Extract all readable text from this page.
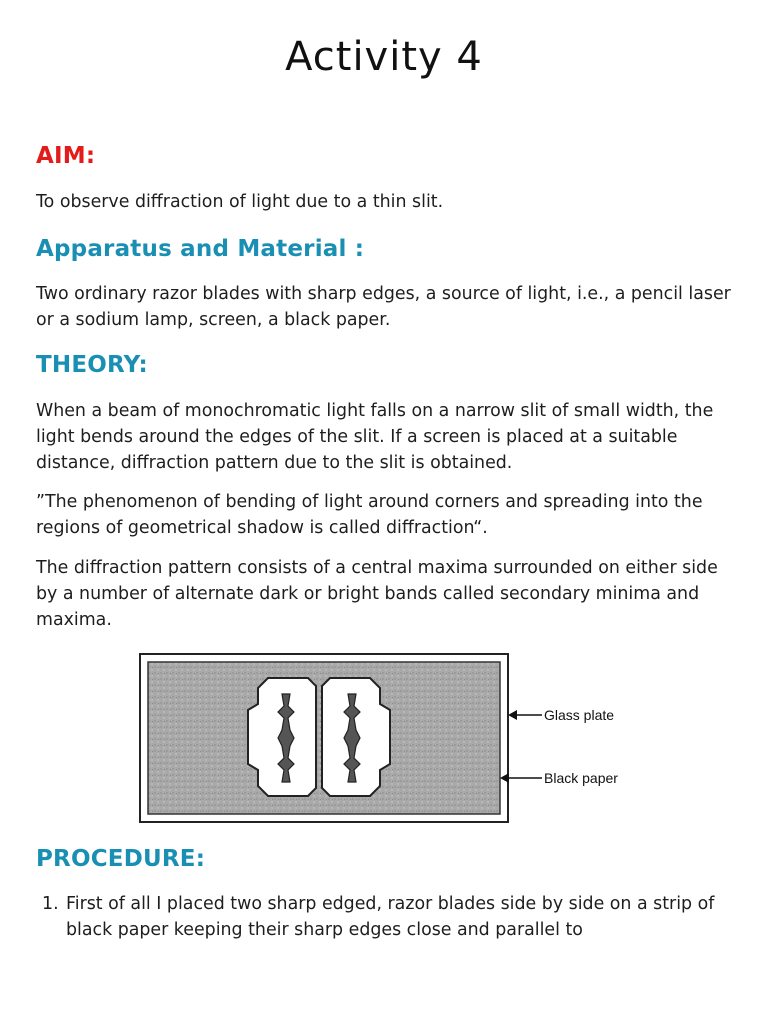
Activity 4
AIM:
To observe diffraction of light due to a thin slit.
Apparatus and Material :
Two ordinary razor blades with sharp edges, a source of light, i.e., a pencil laser or a sodium lamp, screen, a black paper.
THEORY:
When a beam of monochromatic light falls on a narrow slit of small width, the light bends around the edges of the slit. If a screen is placed at a suitable distance, diffraction pattern due to the slit is obtained.
”The phenomenon of bending of light around corners and spreading into the regions of geometrical shadow is called diffraction“.
The diffraction pattern consists of a central maxima surrounded on either side by a number of alternate dark or bright bands called secondary minima and maxima.
Glass plate
Black paper
PROCEDURE:
1. First of all I placed two sharp edged, razor blades side by side on a strip of black paper keeping their sharp edges close and parallel to
